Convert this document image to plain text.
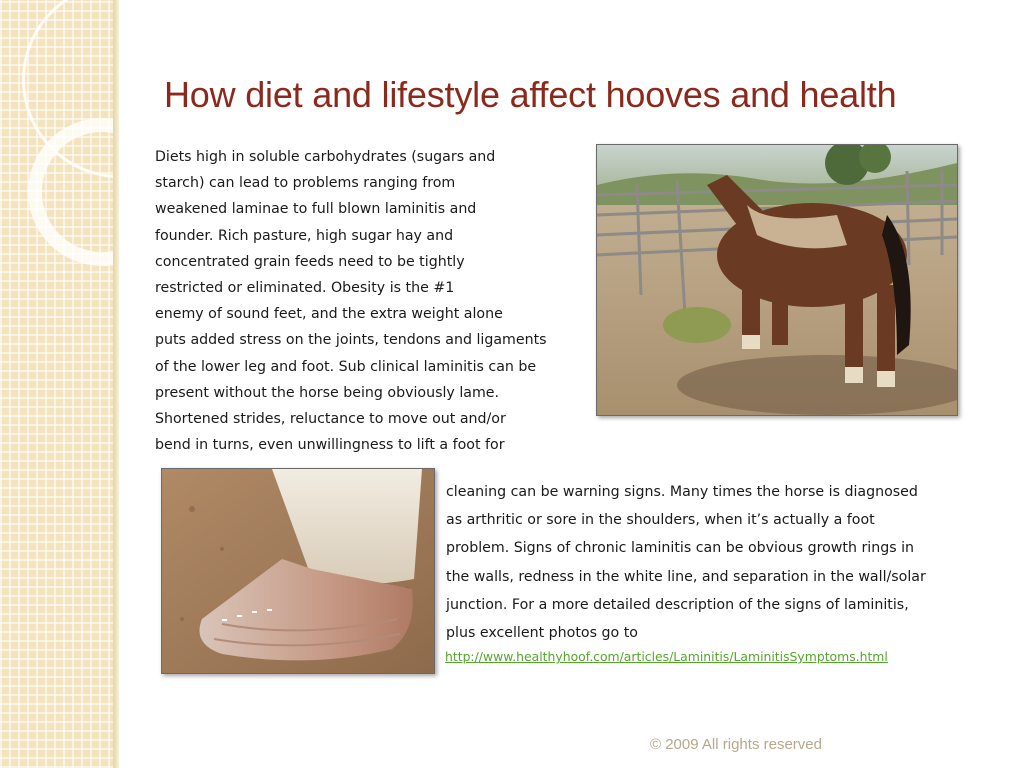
How diet and lifestyle affect hooves and health
Diets high in soluble carbohydrates (sugars and
starch) can lead to problems ranging from
weakened laminae to full blown laminitis and
founder. Rich pasture, high sugar hay and
concentrated grain feeds need to be tightly
restricted or eliminated. Obesity is the #1
enemy of sound feet, and the extra weight alone
puts added stress on the joints, tendons and ligaments
of the lower leg and foot. Sub clinical laminitis can be
present without the horse being obviously lame.
Shortened strides, reluctance to move out and/or
bend in turns, even unwillingness to lift a foot for
cleaning can be warning signs. Many times the horse is diagnosed
as arthritic or sore in the shoulders, when it’s actually a foot
problem. Signs of chronic laminitis can be obvious growth rings in
the walls, redness in the white line, and separation in the wall/solar
junction. For a more detailed description of the signs of laminitis,
plus excellent photos go to
http://www.healthyhoof.com/articles/Laminitis/LaminitisSymptoms.html
© 2009 All rights reserved
